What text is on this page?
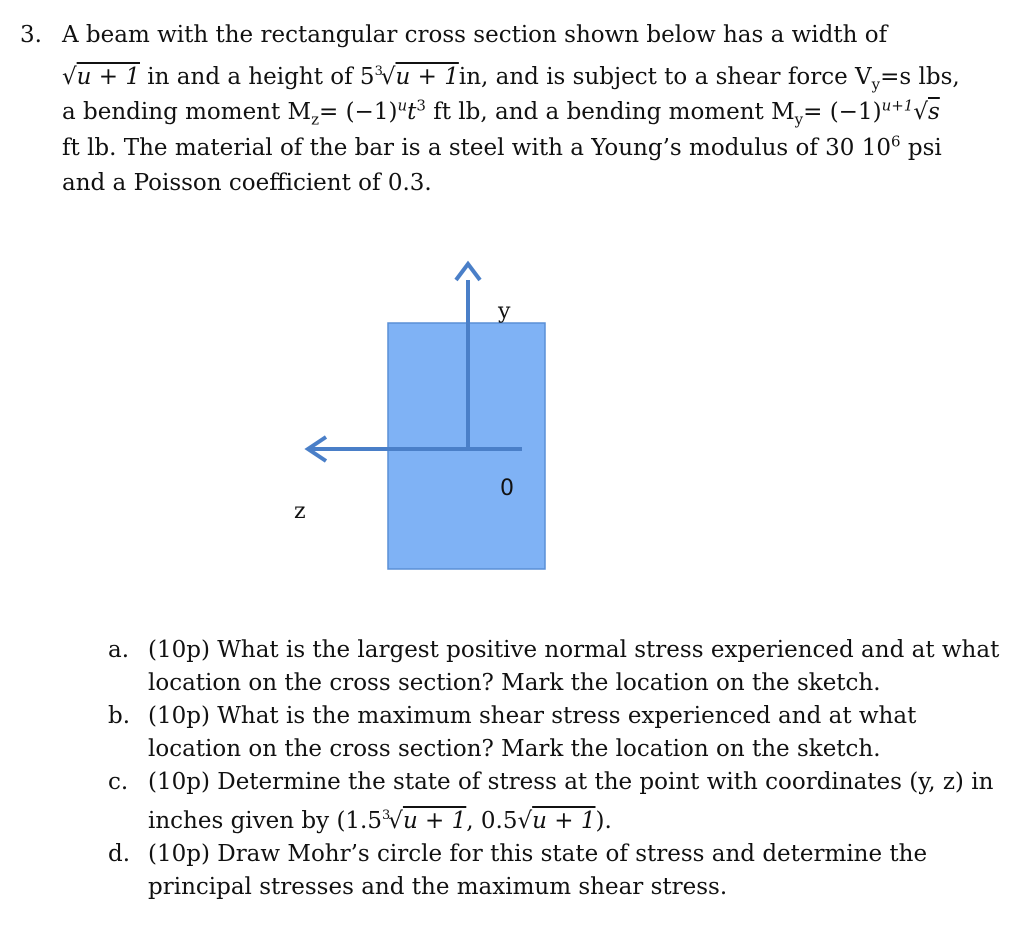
3. A beam with the rectangular cross section shown below has a width of
√u + 1 in and a height of $5^3√u + 1in$, and is subject to a shear force $V_y=s$ lbs,
a bending moment $M_z= (-1)^ut^3$ ft lb, and a bending moment $M_y= (-1)^{u+1}√s$
ft lb. The material of the bar is a steel with a Young’s modulus of 30 $10^6$ psi
and a Poisson coefficient of 0.3.
y
z
0
a. (10p) What is the largest positive normal stress experienced and at what location on the cross section? Mark the location on the sketch.
b. (10p) What is the maximum shear stress experienced and at what location on the cross section? Mark the location on the sketch.
c. (10p) Determine the state of stress at the point with coordinates (y, z) in inches given by ($1.5^3√u + 1$, 0.5√u + 1).
d. (10p) Draw Mohr’s circle for this state of stress and determine the principal stresses and the maximum shear stress.
